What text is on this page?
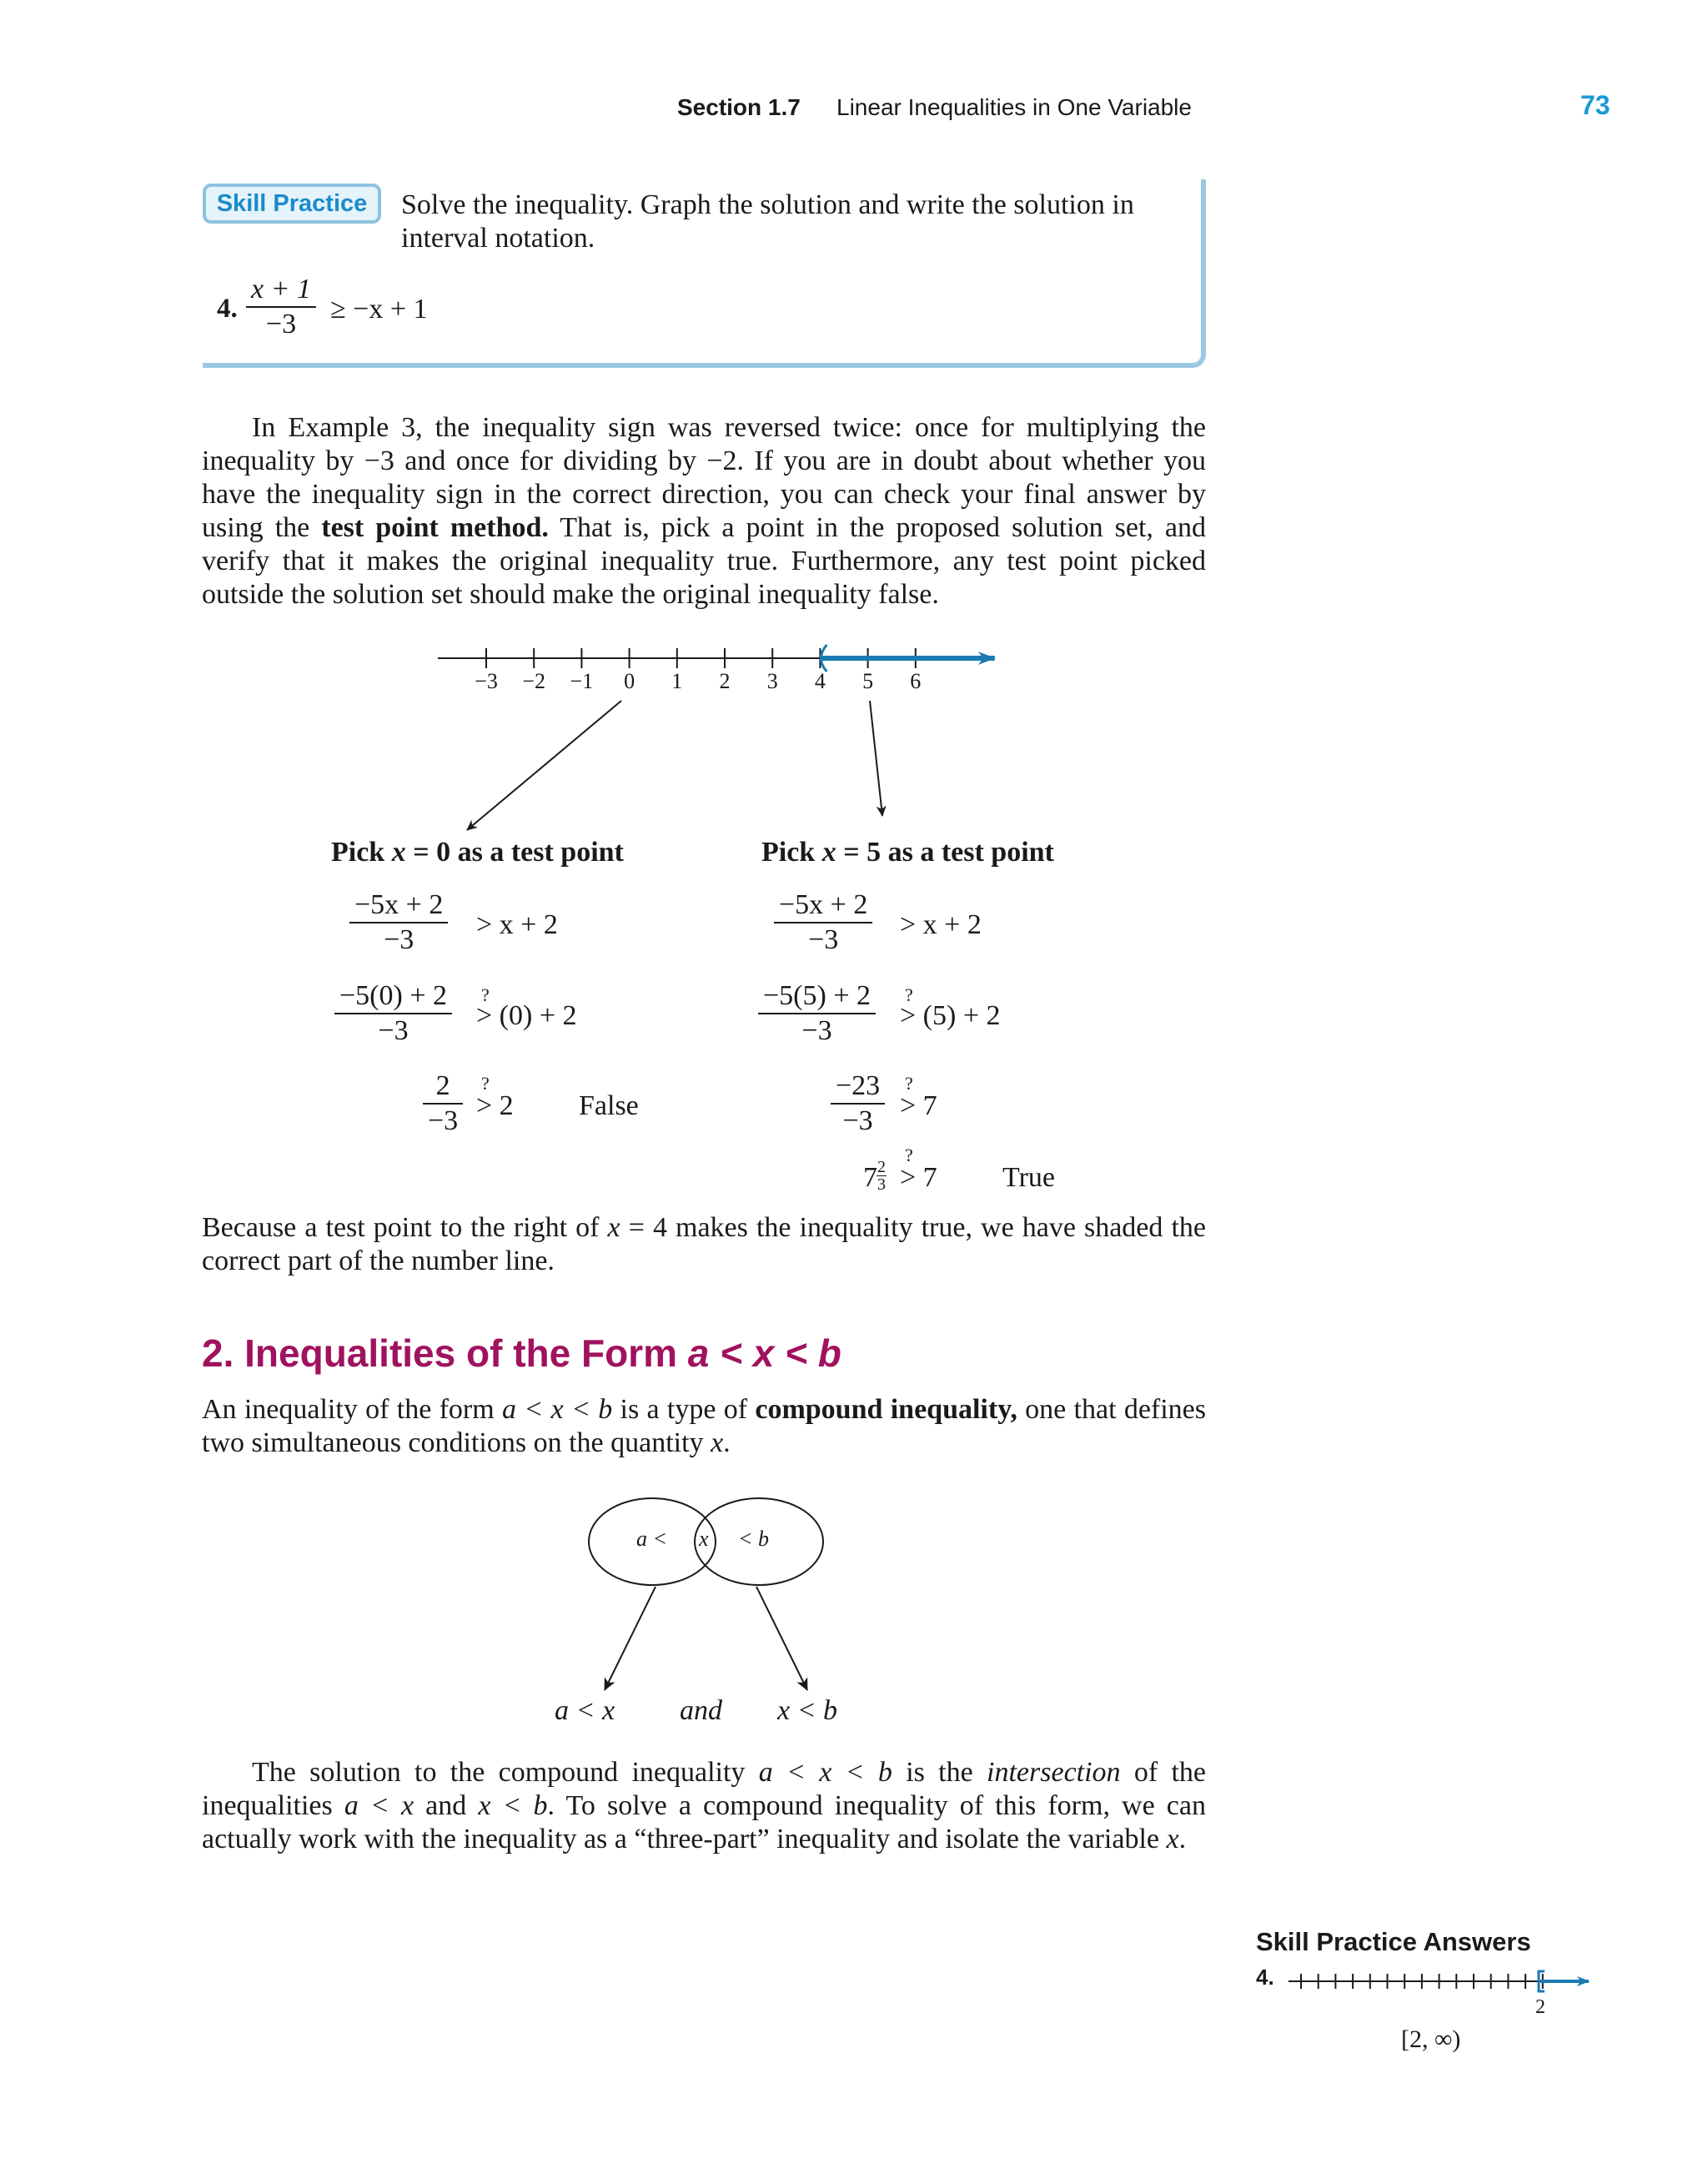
Section 1.7 Linear Inequalities in One Variable	73
Skill Practice	Solve the inequality. Graph the solution and write the solution in interval notation.
4. $\frac{x + 1}{-3} \ge -x + 1$
In Example 3, the inequality sign was reversed twice: once for multiplying the inequality by −3 and once for dividing by −2. If you are in doubt about whether you have the inequality sign in the correct direction, you can check your final answer by using the test point method. That is, pick a point in the proposed solution set, and verify that it makes the original inequality true. Furthermore, any test point picked outside the solution set should make the original inequality false.
−3	−2	−1	0	1	2	3	4	5	6
Pick x = 0 as a test point
$\frac{-5x + 2}{-3} > x + 2$
$\frac{-5(0) + 2}{-3}$ ?
> (0) + 2
$\frac{2}{-3}$ ?
> 2 False
Pick x = 5 as a test point
$\frac{-5x + 2}{-3} > x + 2$
$\frac{-5(5) + 2}{-3}$ ?
> (5) + 2
$\frac{-23}{-3}$ ?
> 7
?
$7 \frac{2}{3} > 7$ True
Because a test point to the right of x = 4 makes the inequality true, we have shaded the correct part of the number line.
2. Inequalities of the Form a < x < b
An inequality of the form a < x < b is a type of compound inequality, one that defines two simultaneous conditions on the quantity x.
a < x < b
a < x and x < b
The solution to the compound inequality a < x < b is the intersection of the inequalities a < x and x < b. To solve a compound inequality of this form, we can actually work with the inequality as a “three-part” inequality and isolate the variable x.
Skill Practice Answers
4.
2
[2, ∞)
